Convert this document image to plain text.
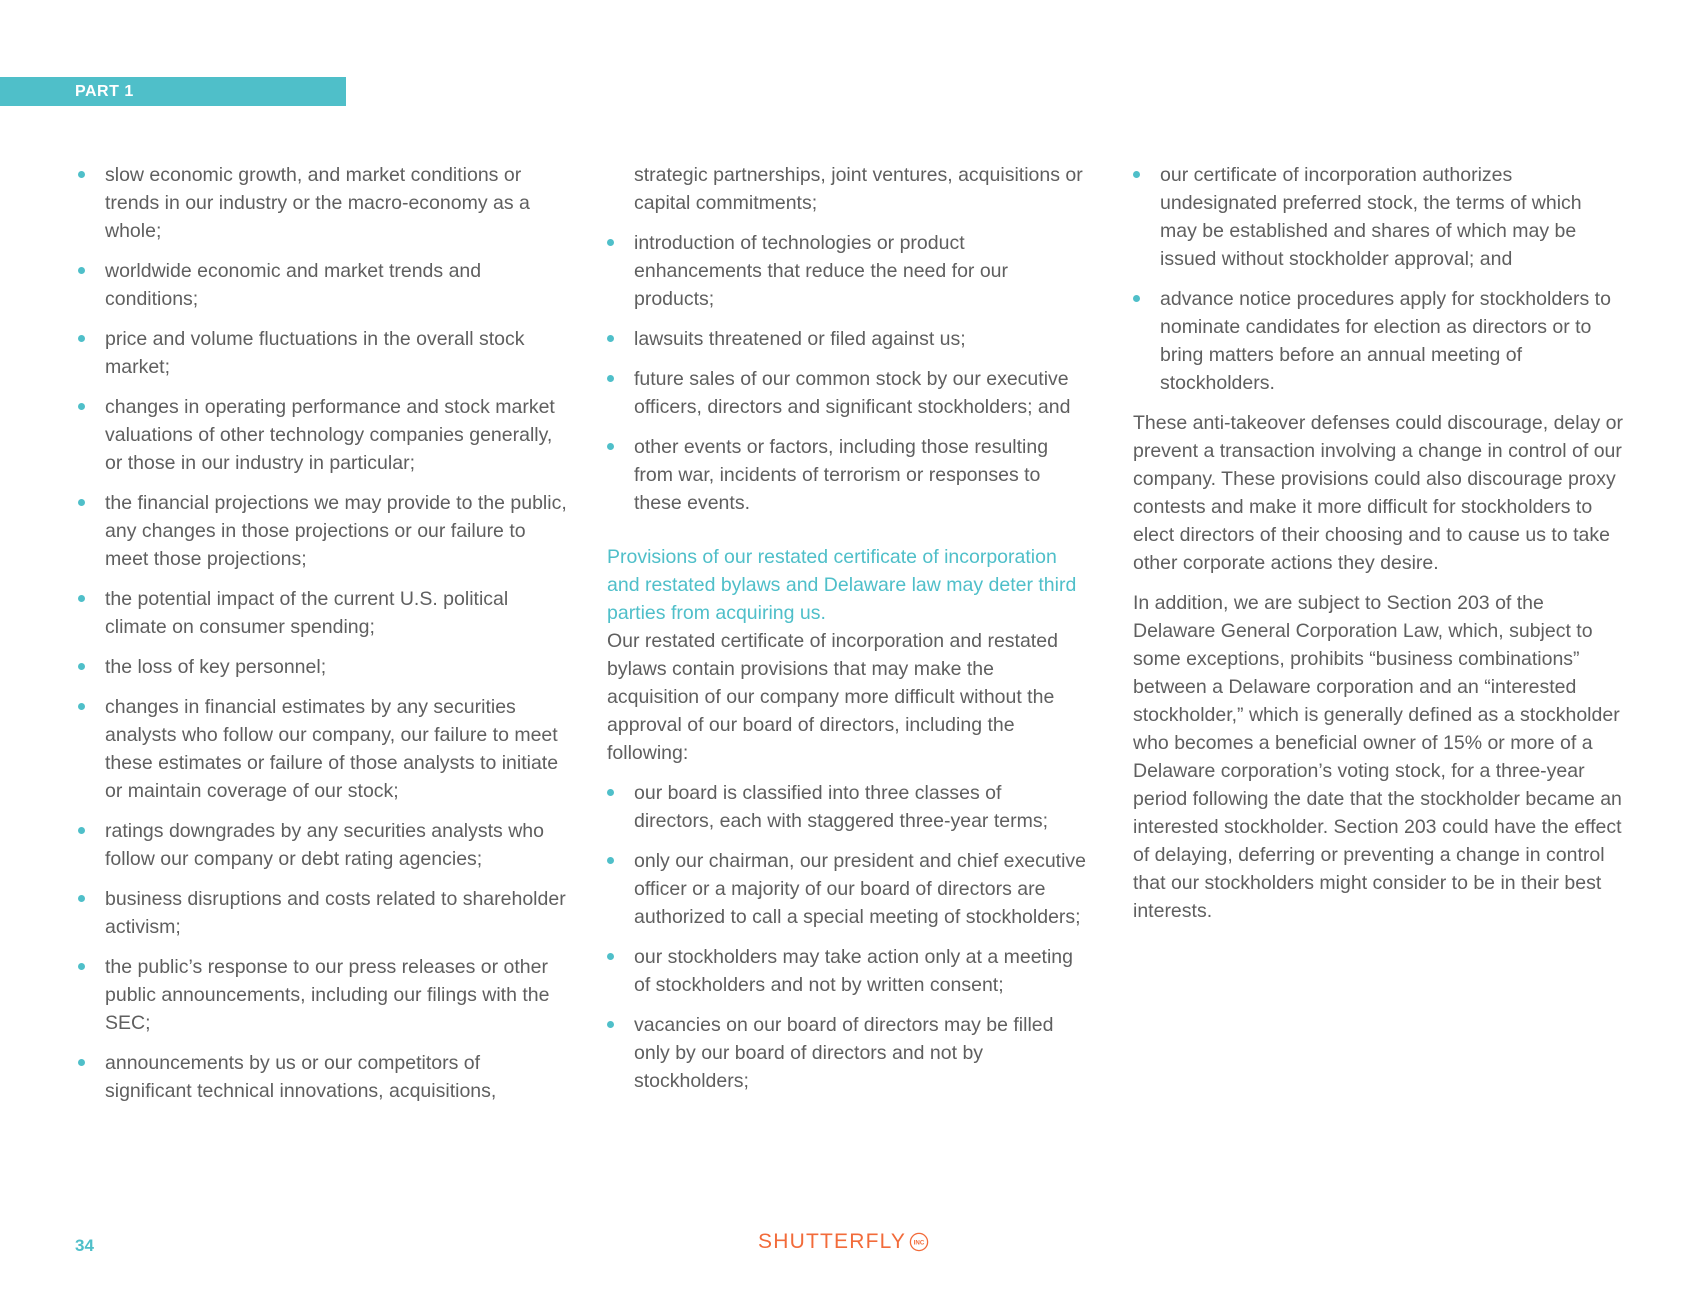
PART 1
slow economic growth, and market conditions or trends in our industry or the macro-economy as a whole;
worldwide economic and market trends and conditions;
price and volume fluctuations in the overall stock market;
changes in operating performance and stock market valuations of other technology companies generally, or those in our industry in particular;
the financial projections we may provide to the public, any changes in those projections or our failure to meet those projections;
the potential impact of the current U.S. political climate on consumer spending;
the loss of key personnel;
changes in financial estimates by any securities analysts who follow our company, our failure to meet these estimates or failure of those analysts to initiate or maintain coverage of our stock;
ratings downgrades by any securities analysts who follow our company or debt rating agencies;
business disruptions and costs related to shareholder activism;
the public’s response to our press releases or other public announcements, including our filings with the SEC;
announcements by us or our competitors of significant technical innovations, acquisitions,

strategic partnerships, joint ventures, acquisitions or capital commitments;

introduction of technologies or product enhancements that reduce the need for our products;
lawsuits threatened or filed against us;
future sales of our common stock by our executive officers, directors and significant stockholders; and
other events or factors, including those resulting from war, incidents of terrorism or responses to these events.
Provisions of our restated certificate of incorporation and restated bylaws and Delaware law may deter third parties from acquiring us.

Our restated certificate of incorporation and restated bylaws contain provisions that may make the acquisition of our company more difficult without the approval of our board of directors, including the following:

our board is classified into three classes of directors, each with staggered three-year terms;
only our chairman, our president and chief executive officer or a majority of our board of directors are authorized to call a special meeting of stockholders;
our stockholders may take action only at a meeting of stockholders and not by written consent;
vacancies on our board of directors may be filled only by our board of directors and not by stockholders;
our certificate of incorporation authorizes undesignated preferred stock, the terms of which may be established and shares of which may be issued without stockholder approval; and
advance notice procedures apply for stockholders to nominate candidates for election as directors or to bring matters before an annual meeting of stockholders.

These anti-takeover defenses could discourage, delay or prevent a transaction involving a change in control of our company. These provisions could also discourage proxy contests and make it more difficult for stockholders to elect directors of their choosing and to cause us to take other corporate actions they desire.

In addition, we are subject to Section 203 of the Delaware General Corporation Law, which, subject to some exceptions, prohibits “business combinations” between a Delaware corporation and an “interested stockholder,” which is generally defined as a stockholder who becomes a beneficial owner of 15% or more of a Delaware corporation’s voting stock, for a three-year period following the date that the stockholder became an interested stockholder. Section 203 could have the effect of delaying, deferring or preventing a change in control that our stockholders might consider to be in their best interests.

34	SHUTTERFLY INC
